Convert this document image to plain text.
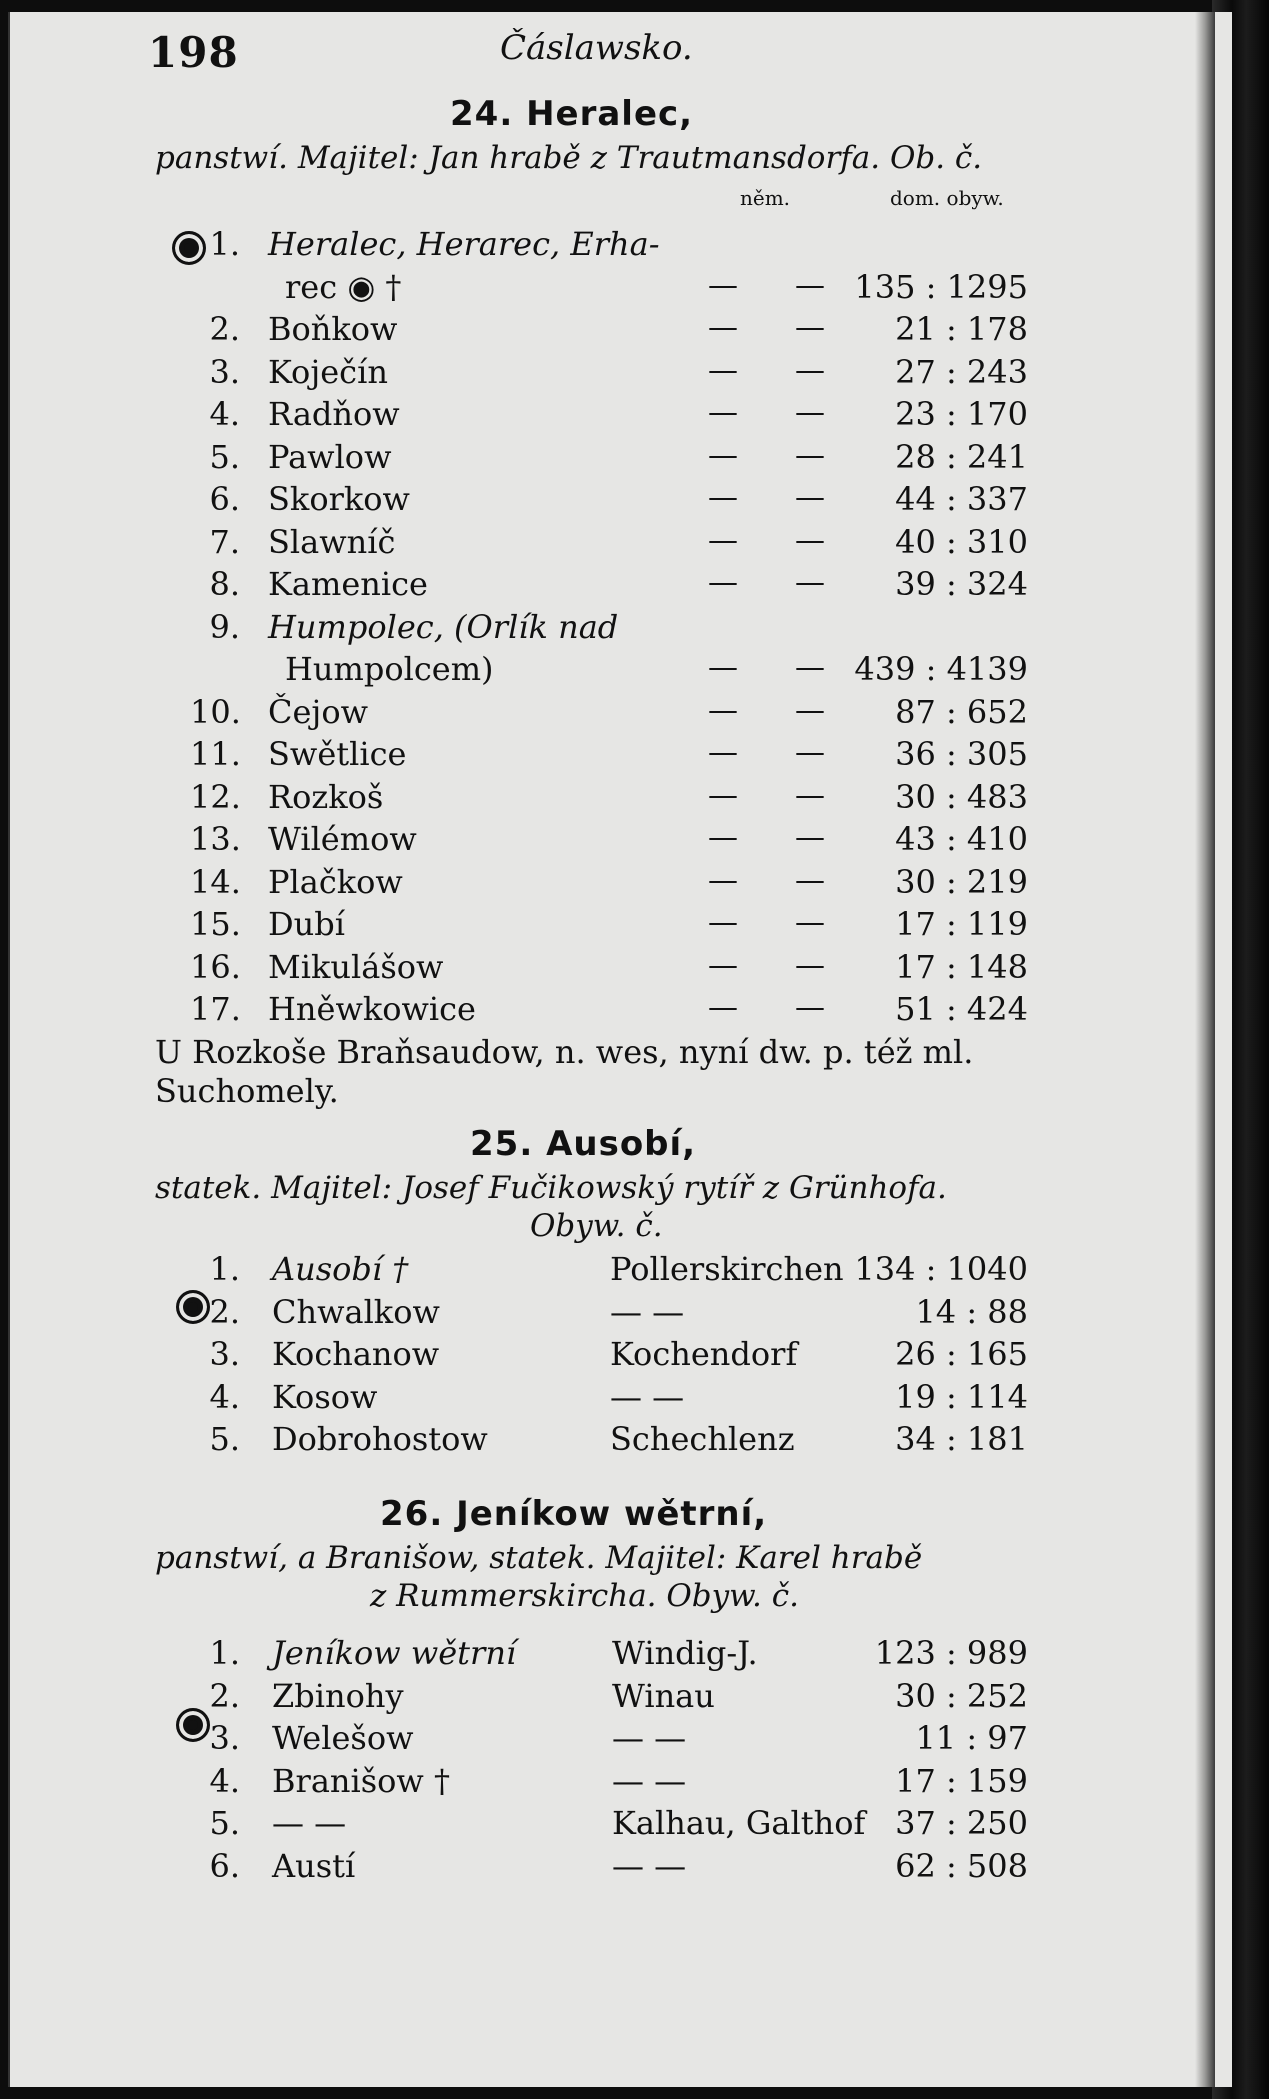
198	Čáslawsko.
24. Heralec,
panstwí. Majitel: Jan hrabě z Trautmansdorfa. Ob. č.
něm.	dom. obyw.
1. Heralec, Herarec, Erha-
rec ◉ †	— — 135 : 1295
2. Boňkow	— —	21 : 178
3. Koječín	— —	27 : 243
4. Radňow	— —	23 : 170
5. Pawlow	— —	28 : 241
6. Skorkow	— —	44 : 337
7. Slawníč	— —	40 : 310
8. Kamenice	— —	39 : 324
9. Humpolec, (Orlík nad
Humpolcem)	— — 439 : 4139
10. Čejow	— —	87 : 652
11. Swětlice	— —	36 : 305
12. Rozkoš	— —	30 : 483
13. Wilémow	— —	43 : 410
14. Plačkow	— —	30 : 219
15. Dubí	— —	17 : 119
16. Mikulášow	— —	17 : 148
17. Hněwkowice	— —	51 : 424
U Rozkoše Braňsaudow, n. wes, nyní dw. p. též ml.
Suchomely.
25. Ausobí,
statek. Majitel: Josef Fučikowský rytíř z Grünhofa.
Obyw. č.
1. Ausobí †	Pollerskirchen 134 : 1040
2. Chwalkow	— —	14 : 88
3. Kochanow	Kochendorf	26 : 165
4. Kosow	— —	19 : 114
5. Dobrohostow	Schechlenz	34 : 181
26. Jeníkow wětrní,
panstwí, a Branišow, statek. Majitel: Karel hrabě
z Rummerskircha. Obyw. č.
1. Jeníkow wětrní	Windig-J.	123 : 989
2. Zbinohy	Winau	30 : 252
3. Welešow	— —	11 : 97
4. Branišow †	— —	17 : 159
5. — —	Kalhau, Galthof 37 : 250
6. Austí	— —	62 : 508
